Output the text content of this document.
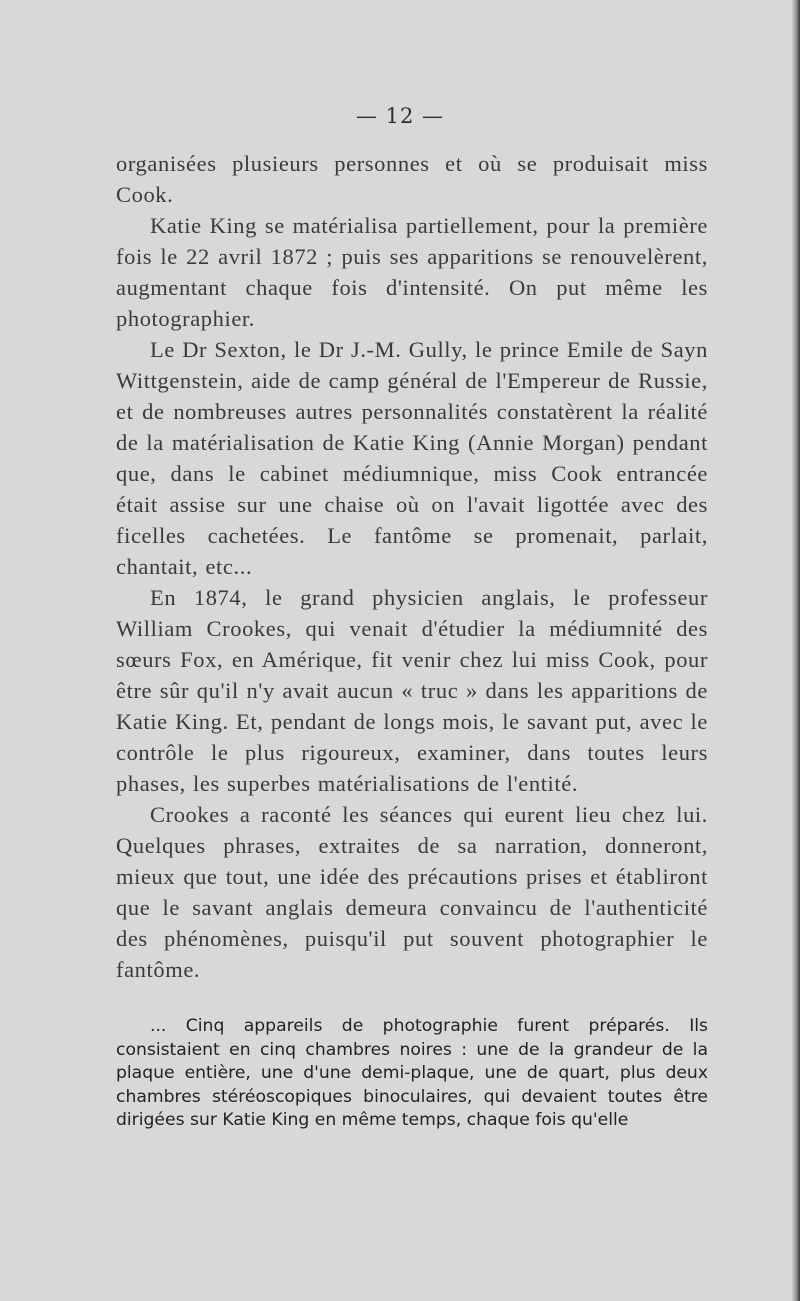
— 12 —

organisées plusieurs personnes et où se produisait miss Cook.

Katie King se matérialisa partiellement, pour la première fois le 22 avril 1872 ; puis ses apparitions se renouvelèrent, augmentant chaque fois d'intensité. On put même les photographier.

Le Dr Sexton, le Dr J.-M. Gully, le prince Emile de Sayn Wittgenstein, aide de camp général de l'Empereur de Russie, et de nombreuses autres personnalités constatèrent la réalité de la matérialisation de Katie King (Annie Morgan) pendant que, dans le cabinet médiumnique, miss Cook entrancée était assise sur une chaise où on l'avait ligottée avec des ficelles cachetées. Le fantôme se promenait, parlait, chantait, etc...

En 1874, le grand physicien anglais, le professeur William Crookes, qui venait d'étudier la médiumnité des sœurs Fox, en Amérique, fit venir chez lui miss Cook, pour être sûr qu'il n'y avait aucun « truc » dans les apparitions de Katie King. Et, pendant de longs mois, le savant put, avec le contrôle le plus rigoureux, examiner, dans toutes leurs phases, les superbes matérialisations de l'entité.

Crookes a raconté les séances qui eurent lieu chez lui. Quelques phrases, extraites de sa narration, donneront, mieux que tout, une idée des précautions prises et établiront que le savant anglais demeura convaincu de l'authenticité des phénomènes, puisqu'il put souvent photographier le fantôme.

... Cinq appareils de photographie furent préparés. Ils consistaient en cinq chambres noires : une de la grandeur de la plaque entière, une d'une demi-plaque, une de quart, plus deux chambres stéréoscopiques binoculaires, qui devaient toutes être dirigées sur Katie King en même temps, chaque fois qu'elle
